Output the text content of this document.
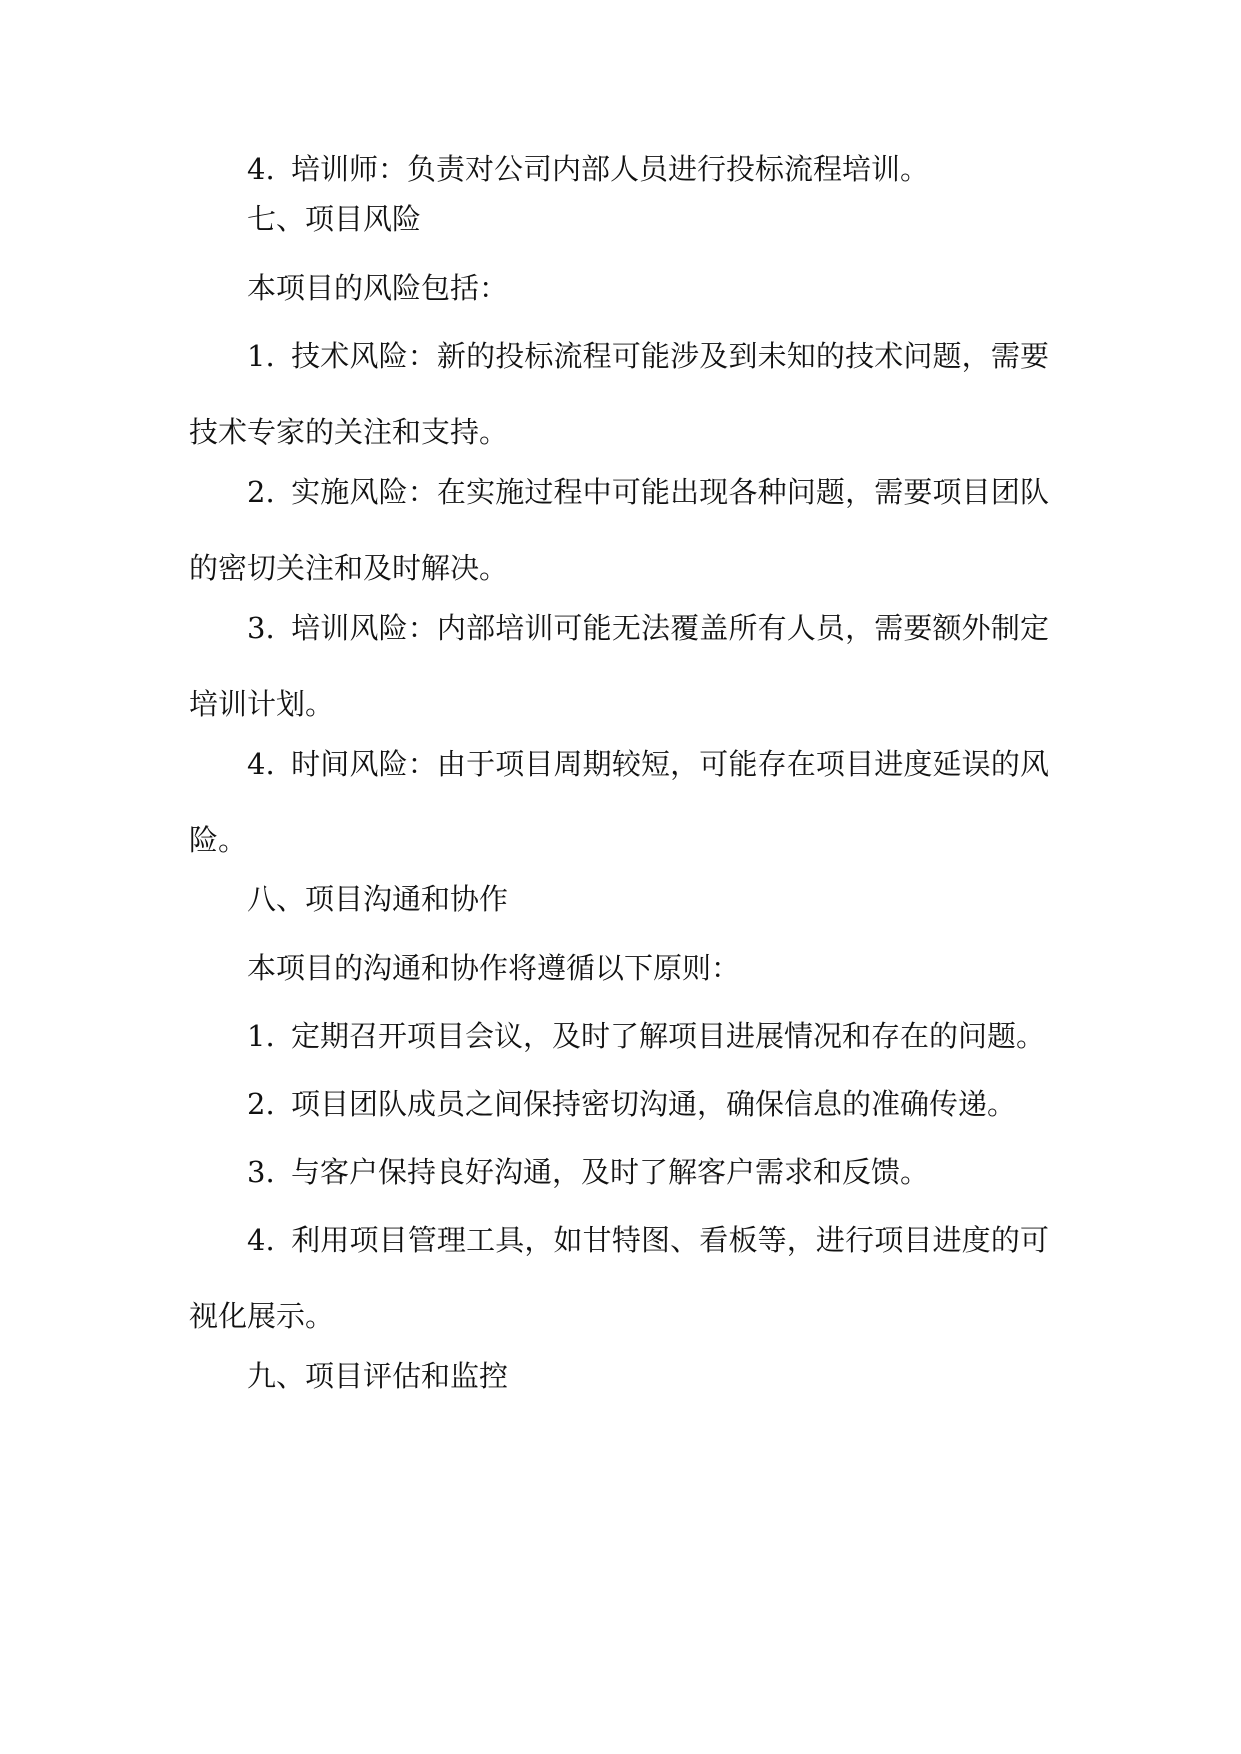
4. 培训师：负责对公司内部人员进行投标流程培训。

七、项目风险

本项目的风险包括：

1. 技术风险：新的投标流程可能涉及到未知的技术问题，需要技术专家的关注和支持。

2. 实施风险：在实施过程中可能出现各种问题，需要项目团队的密切关注和及时解决。

3. 培训风险：内部培训可能无法覆盖所有人员，需要额外制定培训计划。

4. 时间风险：由于项目周期较短，可能存在项目进度延误的风险。

八、项目沟通和协作

本项目的沟通和协作将遵循以下原则：

1. 定期召开项目会议，及时了解项目进展情况和存在的问题。

2. 项目团队成员之间保持密切沟通，确保信息的准确传递。

3. 与客户保持良好沟通，及时了解客户需求和反馈。

4. 利用项目管理工具，如甘特图、看板等，进行项目进度的可视化展示。

九、项目评估和监控
